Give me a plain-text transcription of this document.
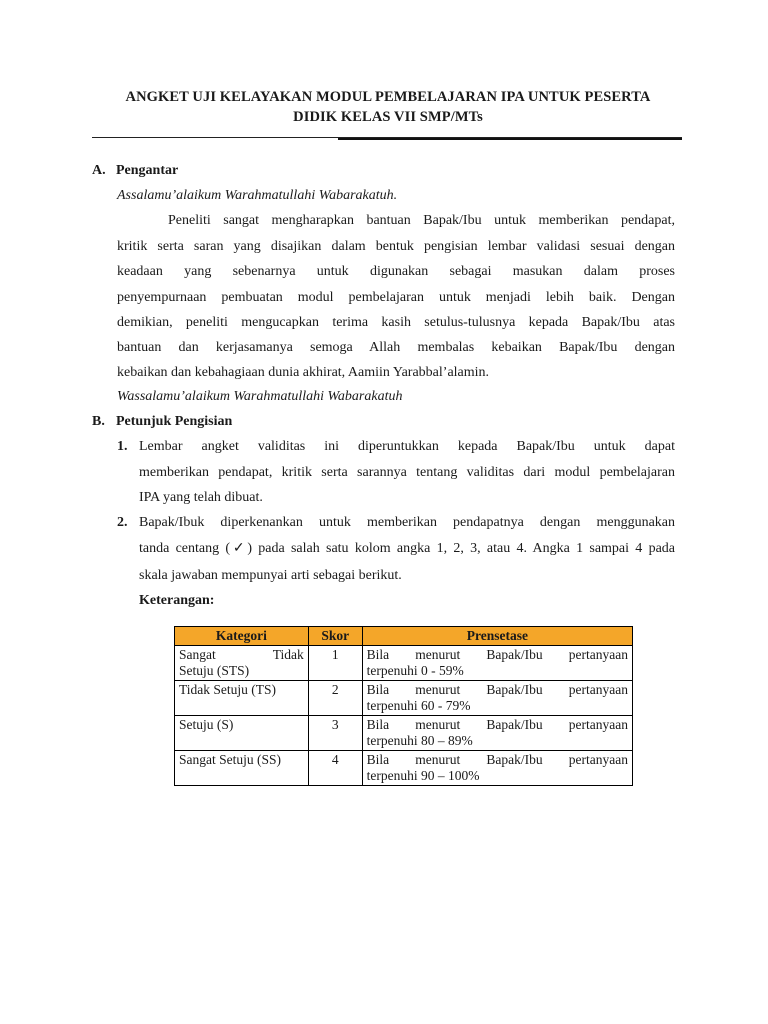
ANGKET UJI KELAYAKAN MODUL PEMBELAJARAN IPA UNTUK PESERTA
DIDIK KELAS VII SMP/MTs
A. Pengantar
Assalamu’alaikum Warahmatullahi Wabarakatuh.
Peneliti sangat mengharapkan bantuan Bapak/Ibu untuk memberikan pendapat,
kritik serta saran yang disajikan dalam bentuk pengisian lembar validasi sesuai dengan
keadaan yang sebenarnya untuk digunakan sebagai masukan dalam proses
penyempurnaan pembuatan modul pembelajaran untuk menjadi lebih baik. Dengan
demikian, peneliti mengucapkan terima kasih setulus-tulusnya kepada Bapak/Ibu atas
bantuan dan kerjasamanya semoga Allah membalas kebaikan Bapak/Ibu dengan
kebaikan dan kebahagiaan dunia akhirat, Aamiin Yarabbal’alamin.
Wassalamu’alaikum Warahmatullahi Wabarakatuh
B. Petunjuk Pengisian
1. Lembar angket validitas ini diperuntukkan kepada Bapak/Ibu untuk dapat
memberikan pendapat, kritik serta sarannya tentang validitas dari modul pembelajaran
IPA yang telah dibuat.
2. Bapak/Ibuk diperkenankan untuk memberikan pendapatnya dengan menggunakan
tanda centang (✓) pada salah satu kolom angka 1, 2, 3, atau 4. Angka 1 sampai 4 pada
skala jawaban mempunyai arti sebagai berikut.
Keterangan:
Kategori	Skor	Prensetase

Sangat Tidak
Setuju (STS)	1	Bila menurut Bapak/Ibu pertanyaan
terpenuhi 0 - 59%

Tidak Setuju (TS)	2	Bila menurut Bapak/Ibu pertanyaan
terpenuhi 60 - 79%

Setuju (S)	3	Bila menurut Bapak/Ibu pertanyaan
terpenuhi 80 – 89%

Sangat Setuju (SS)	4	Bila menurut Bapak/Ibu pertanyaan
terpenuhi 90 – 100%
